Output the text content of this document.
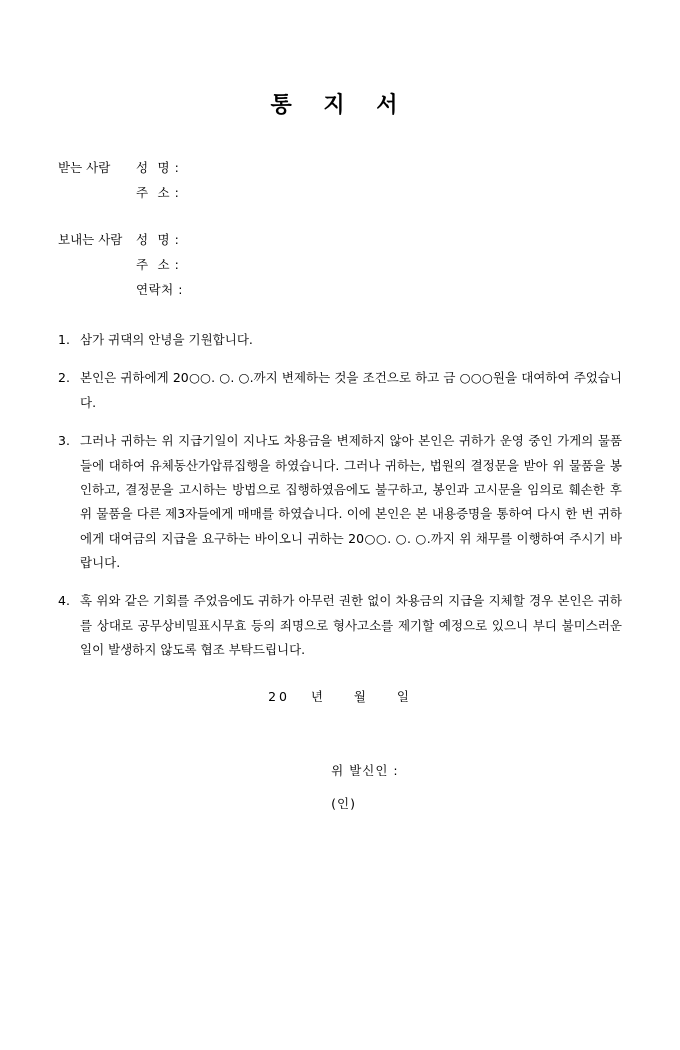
통 지 서
받는 사람	성  명 :
주  소 :
보내는 사람	성  명 :
주  소 :
연락처 :
1. 삼가 귀댁의 안녕을 기원합니다.
2. 본인은 귀하에게 20○○. ○. ○.까지 변제하는 것을 조건으로 하고 금 ○○○원을 대여하여 주었습니다.
3. 그러나 귀하는 위 지급기일이 지나도 차용금을 변제하지 않아 본인은 귀하가 운영 중인 가게의 물품들에 대하여 유체동산가압류집행을 하였습니다. 그러나 귀하는, 법원의 결정문을 받아 위 물품을 봉인하고, 결정문을 고시하는 방법으로 집행하였음에도 불구하고, 봉인과 고시문을 임의로 훼손한 후 위 물품을 다른 제3자들에게 매매를 하였습니다. 이에 본인은 본 내용증명을 통하여 다시 한 번 귀하에게 대여금의 지급을 요구하는 바이오니 귀하는 20○○. ○. ○.까지 위 채무를 이행하여 주시기 바랍니다.
4. 혹 위와 같은 기회를 주었음에도 귀하가 아무런 권한 없이 차용금의 지급을 지체할 경우 본인은 귀하를 상대로 공무상비밀표시무효 등의 죄명으로 형사고소를 제기할 예정으로 있으니 부디 불미스러운 일이 발생하지 않도록 협조 부탁드립니다.
20   년    월    일

위 발신인 :

(인)
